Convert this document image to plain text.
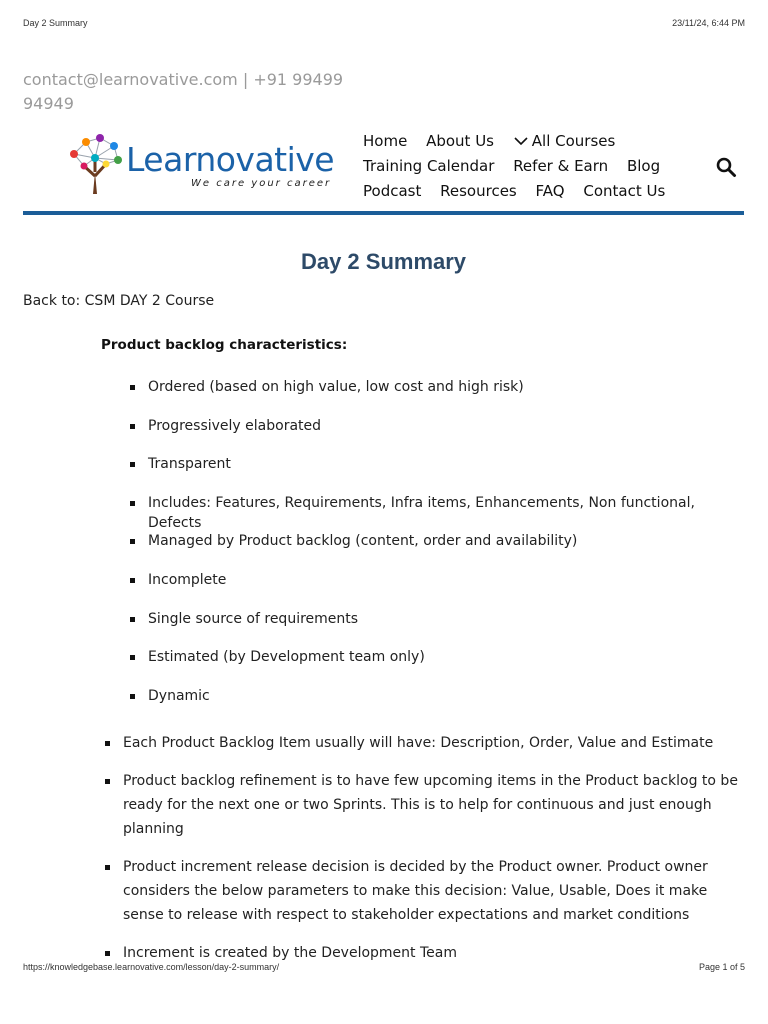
Day 2 Summary	23/11/24, 6:44 PM
contact@learnovative.com | +91 99499
94949
Learnovative
We care your career
Home About Us	All Courses
Training Calendar Refer & Earn Blog
Podcast Resources FAQ Contact Us
Day 2 Summary
Back to: CSM DAY 2 Course
Product backlog characteristics:
Ordered (based on high value, low cost and high risk)
Progressively elaborated
Transparent
Includes: Features, Requirements, Infra items, Enhancements, Non functional, Defects
Managed by Product backlog (content, order and availability)
Incomplete
Single source of requirements
Estimated (by Development team only)
Dynamic
Each Product Backlog Item usually will have: Description, Order, Value and Estimate
Product backlog refinement is to have few upcoming items in the Product backlog to be ready for the next one or two Sprints. This is to help for continuous and just enough planning
Product increment release decision is decided by the Product owner. Product owner considers the below parameters to make this decision: Value, Usable, Does it make sense to release with respect to stakeholder expectations and market conditions
Increment is created by the Development Team
https://knowledgebase.learnovative.com/lesson/day-2-summary/	Page 1 of 5
